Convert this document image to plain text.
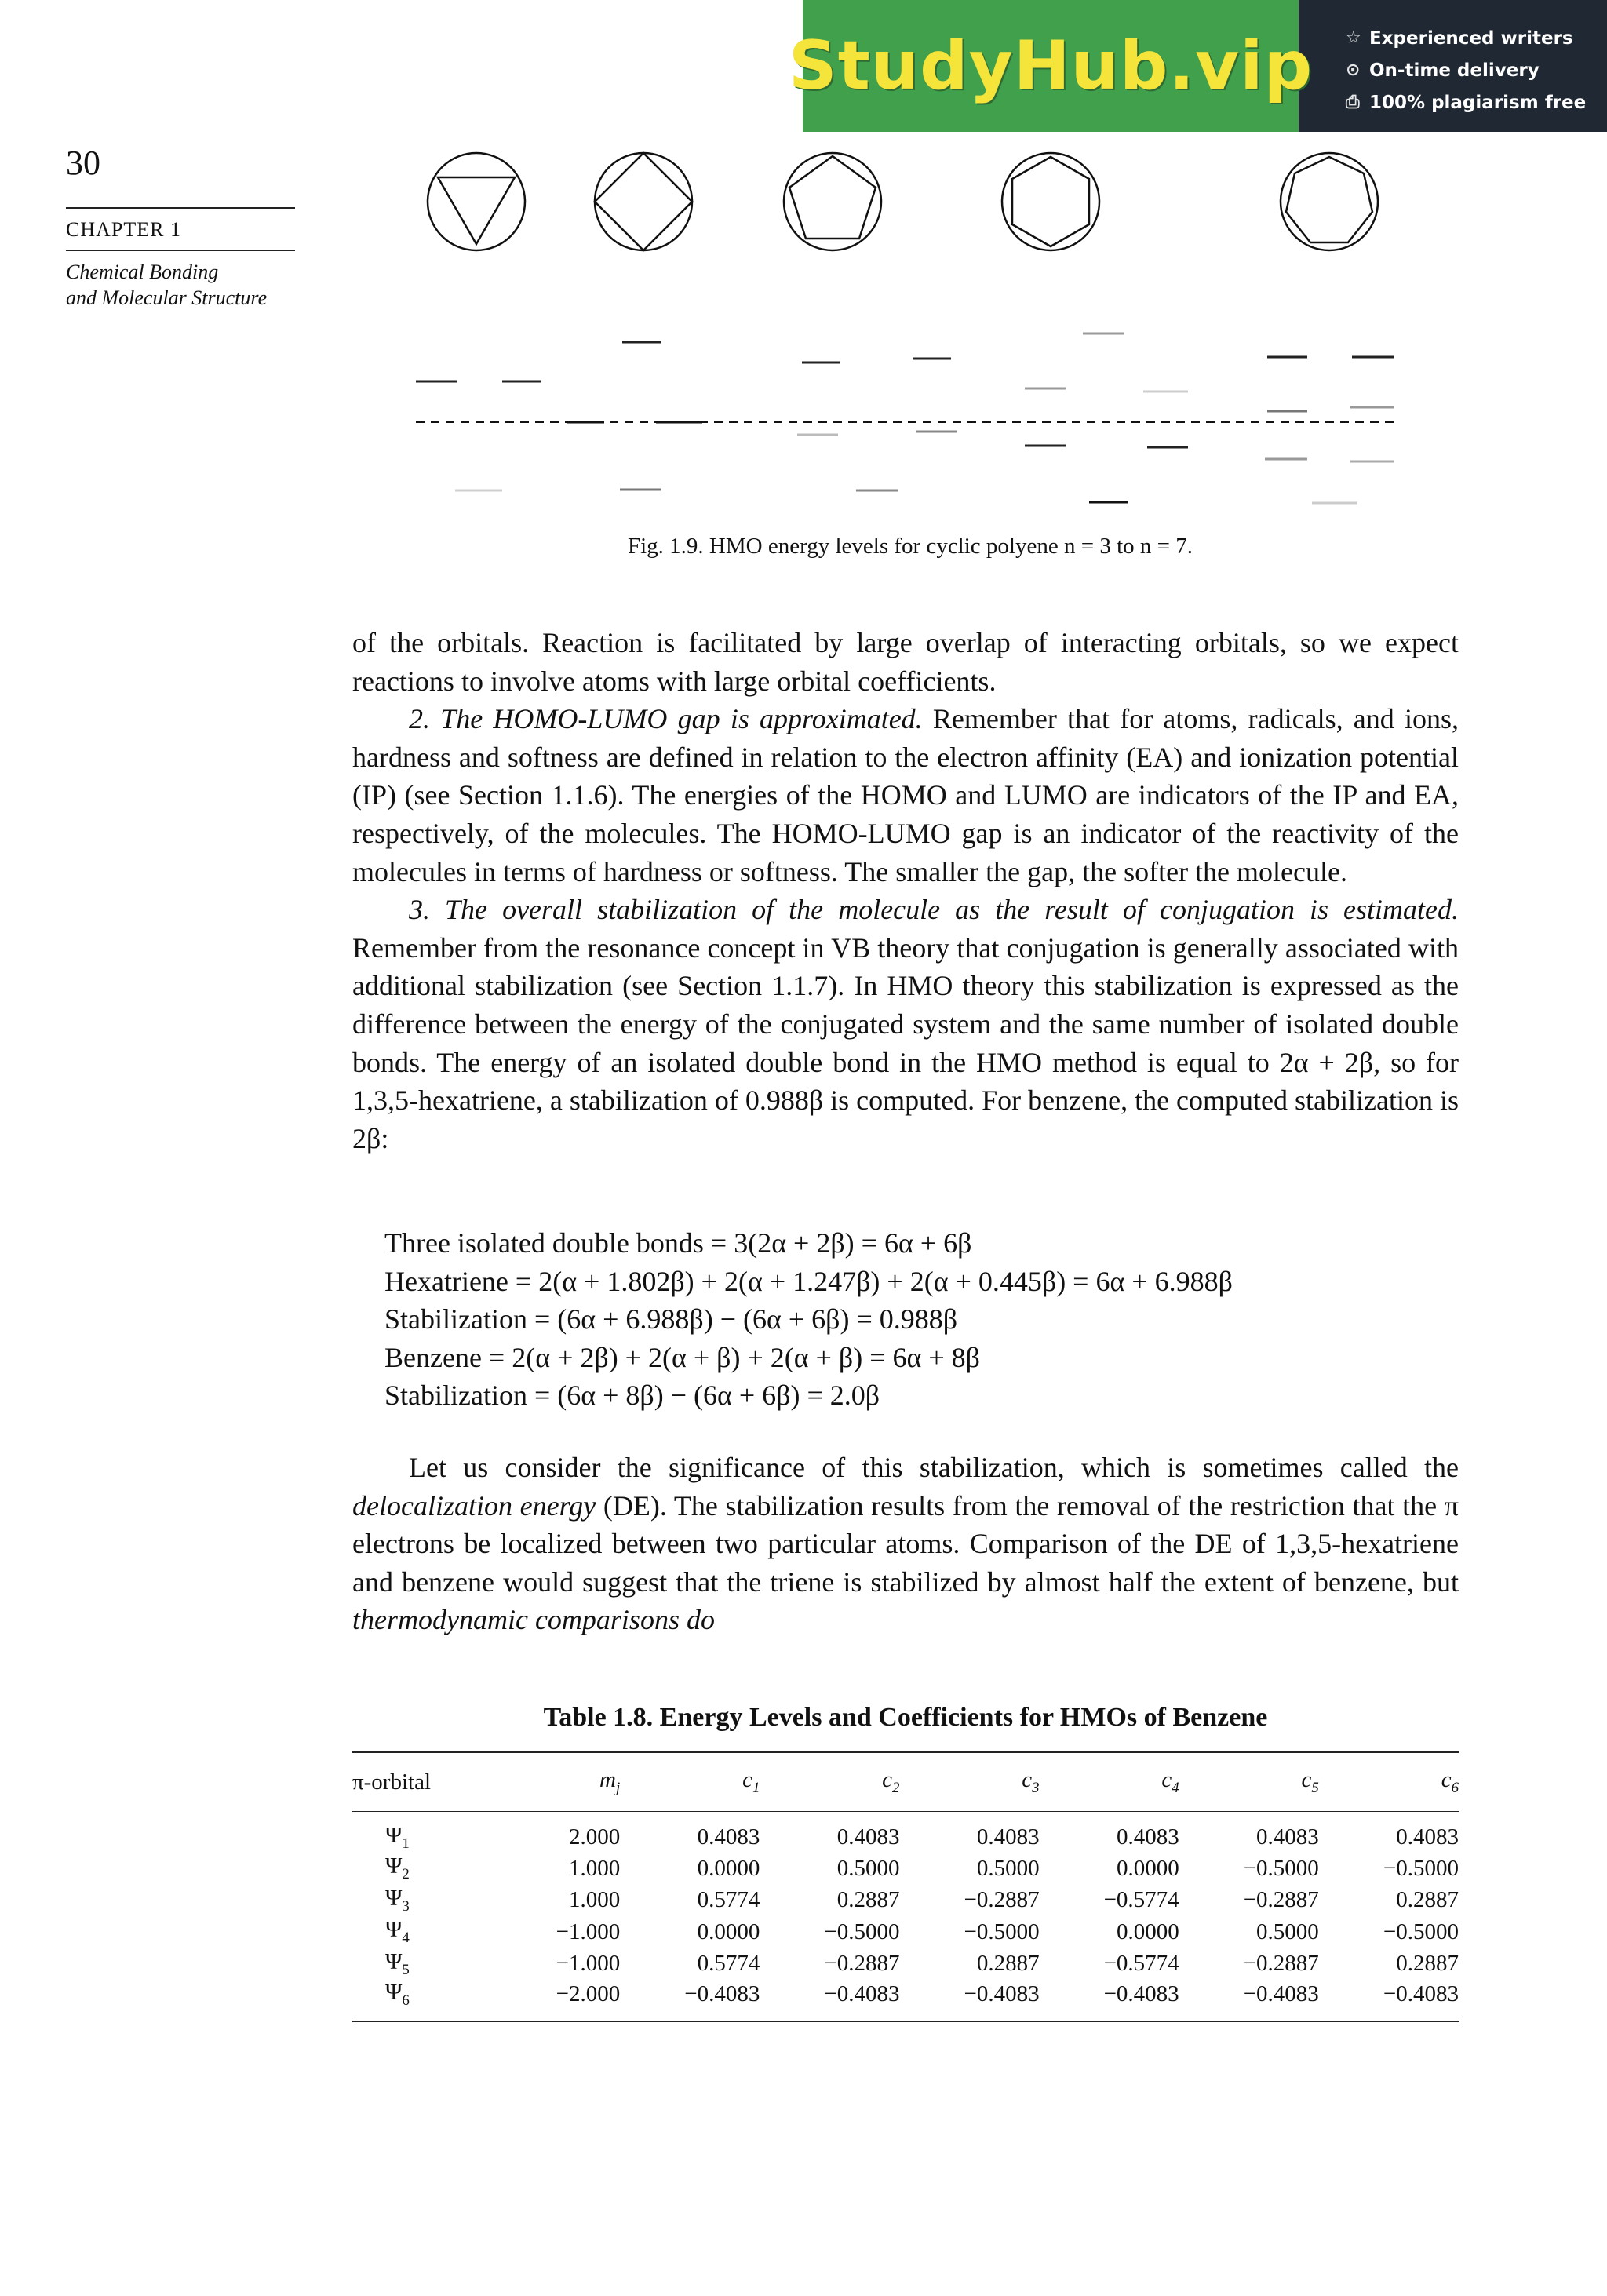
StudyHub.vip ☆ Experienced writers
⊙ On-time delivery
⎙ 100% plagiarism free
30
CHAPTER 1
Chemical Bonding
and Molecular Structure
Fig. 1.9. HMO energy levels for cyclic polyene n = 3 to n = 7.

of the orbitals. Reaction is facilitated by large overlap of interacting orbitals, so we expect reactions to involve atoms with large orbital coefficients.

2. The HOMO-LUMO gap is approximated. Remember that for atoms, radicals, and ions, hardness and softness are defined in relation to the electron affinity (EA) and ionization potential (IP) (see Section 1.1.6). The energies of the HOMO and LUMO are indicators of the IP and EA, respectively, of the molecules. The HOMO-LUMO gap is an indicator of the reactivity of the molecules in terms of hardness or softness. The smaller the gap, the softer the molecule.

3. The overall stabilization of the molecule as the result of conjugation is estimated. Remember from the resonance concept in VB theory that conjugation is generally associated with additional stabilization (see Section 1.1.7). In HMO theory this stabilization is expressed as the difference between the energy of the conjugated system and the same number of isolated double bonds. The energy of an isolated double bond in the HMO method is equal to 2α + 2β, so for 1,3,5-hexatriene, a stabilization of 0.988β is computed. For benzene, the computed stabilization is 2β:

Three isolated double bonds = 3(2α + 2β) = 6α + 6β
Hexatriene = 2(α + 1.802β) + 2(α + 1.247β) + 2(α + 0.445β) = 6α + 6.988β
Stabilization = (6α + 6.988β) − (6α + 6β) = 0.988β
Benzene = 2(α + 2β) + 2(α + β) + 2(α + β) = 6α + 8β
Stabilization = (6α + 8β) − (6α + 6β) = 2.0β

Let us consider the significance of this stabilization, which is sometimes called the delocalization energy (DE). The stabilization results from the removal of the restriction that the π electrons be localized between two particular atoms. Comparison of the DE of 1,3,5-hexatriene and benzene would suggest that the triene is stabilized by almost half the extent of benzene, but thermodynamic comparisons do

Table 1.8. Energy Levels and Coefficients for HMOs of Benzene
π-orbital	$m_j$	$c_1$	$c_2$	$c_3$	$c_4$	$c_5$	$c_6$
$\Psi_1$	2.000	0.4083	0.4083	0.4083	0.4083	0.4083	0.4083
$\Psi_2$	1.000	0.0000	0.5000	0.5000	0.0000	−0.5000	−0.5000
$\Psi_3$	1.000	0.5774	0.2887	−0.2887	−0.5774	−0.2887	0.2887
$\Psi_4$	−1.000	0.0000	−0.5000	−0.5000	0.0000	0.5000	−0.5000
$\Psi_5$	−1.000	0.5774	−0.2887	0.2887	−0.5774	−0.2887	0.2887
$\Psi_6$	−2.000	−0.4083	−0.4083	−0.4083	−0.4083	−0.4083	−0.4083
